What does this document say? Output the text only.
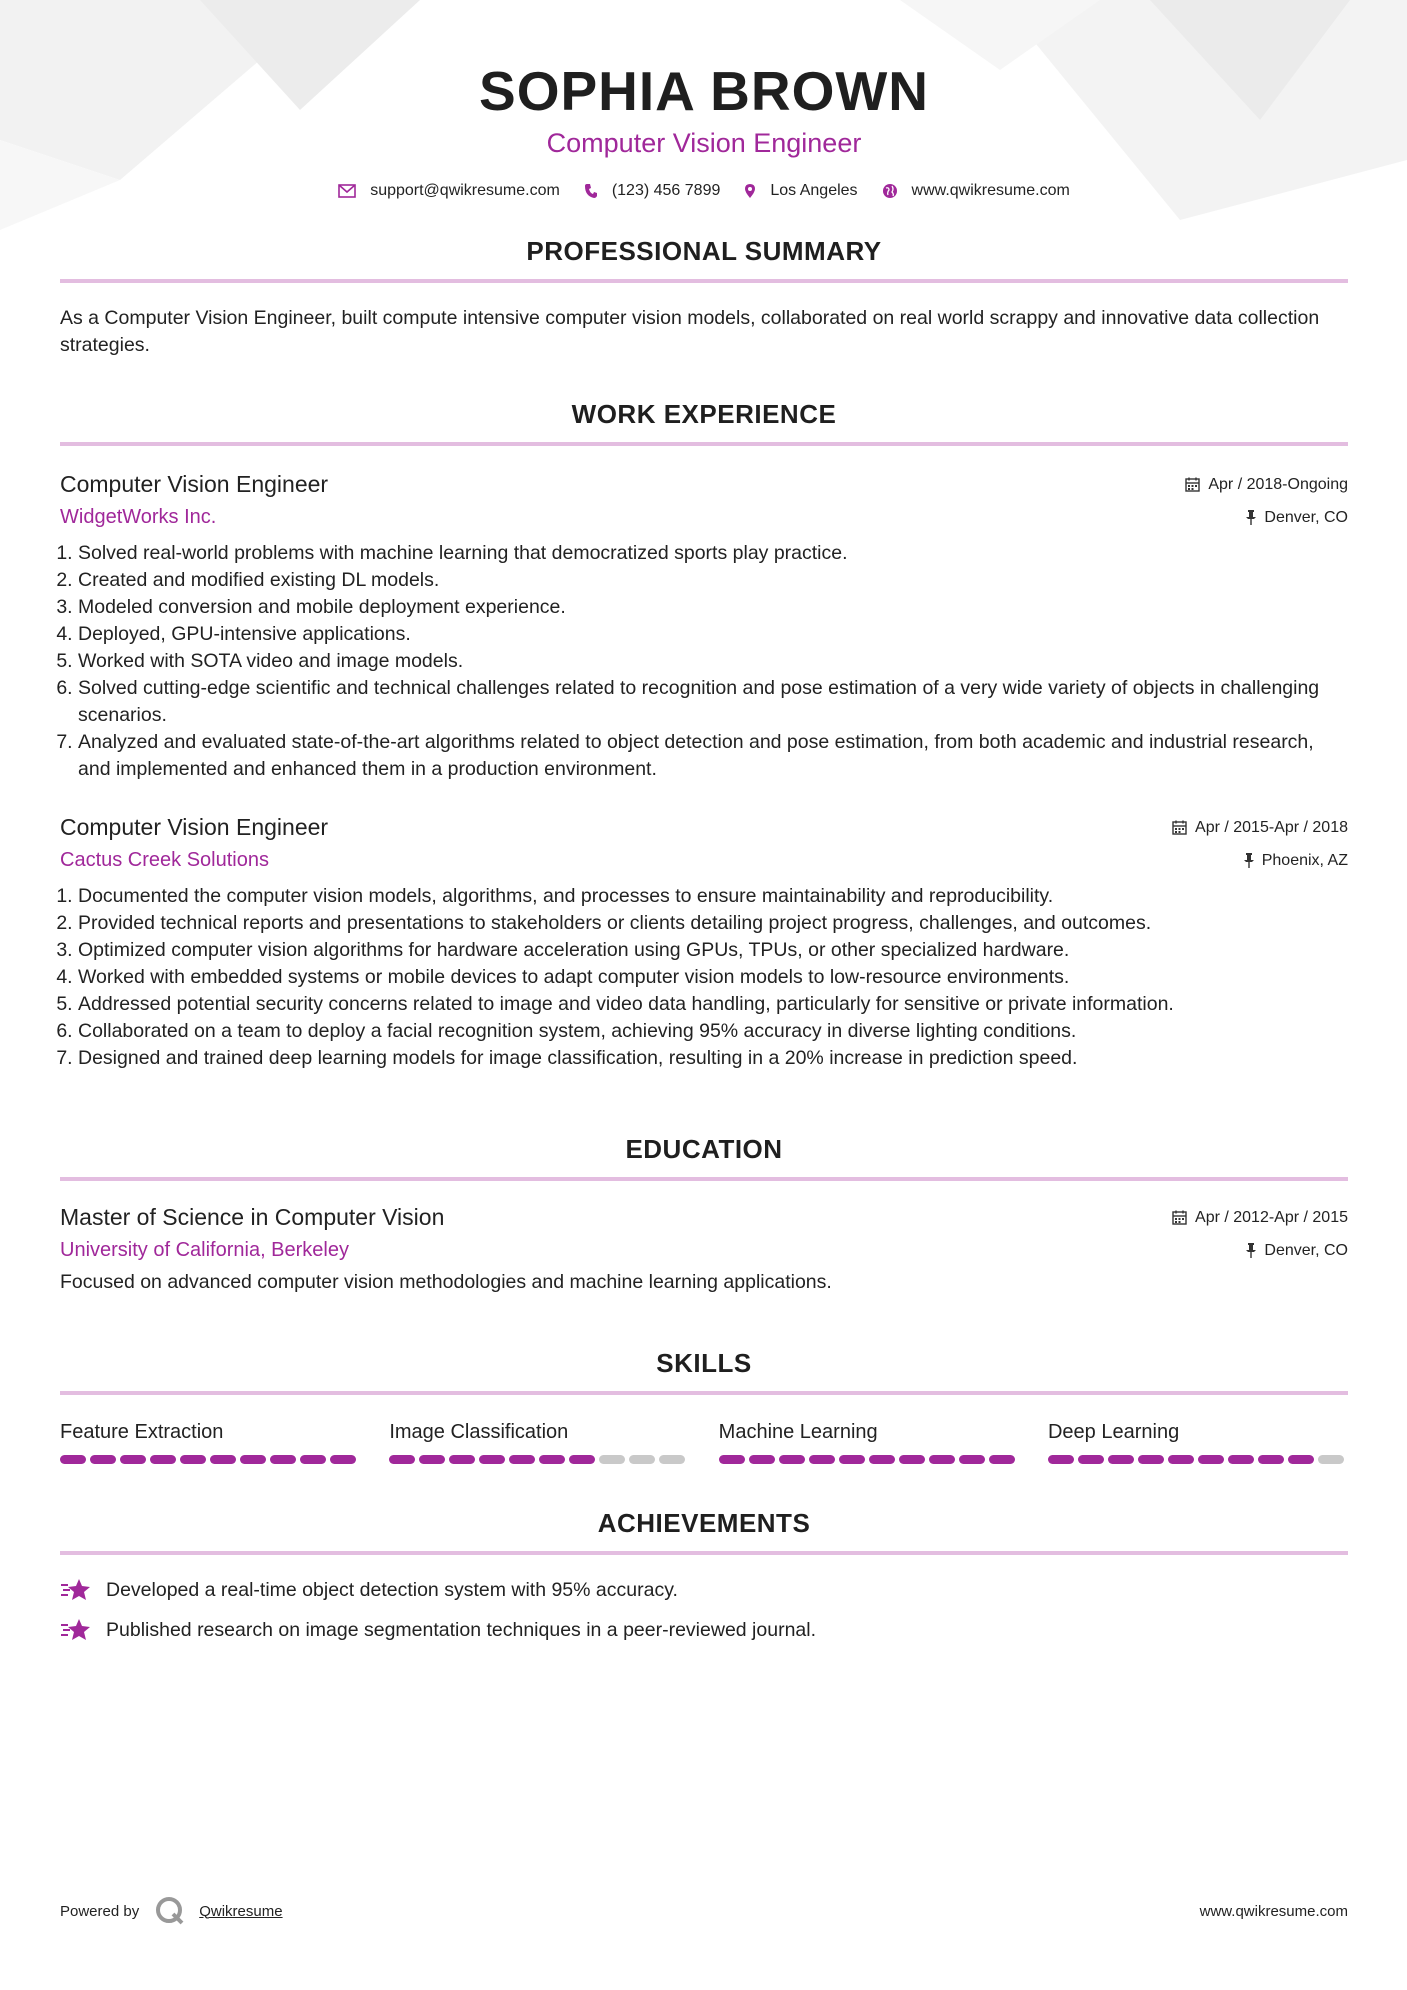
SOPHIA BROWN
Computer Vision Engineer
support@qwikresume.com	(123) 456 7899	Los Angeles	www.qwikresume.com
PROFESSIONAL SUMMARY
As a Computer Vision Engineer, built compute intensive computer vision models, collaborated on real world scrappy and innovative data collection strategies.
WORK EXPERIENCE
Computer Vision Engineer
WidgetWorks Inc.
Apr / 2018-Ongoing
Denver, CO
1. Solved real-world problems with machine learning that democratized sports play practice.
2. Created and modified existing DL models.
3. Modeled conversion and mobile deployment experience.
4. Deployed, GPU-intensive applications.
5. Worked with SOTA video and image models.
6. Solved cutting-edge scientific and technical challenges related to recognition and pose estimation of a very wide variety of objects in challenging scenarios.
7. Analyzed and evaluated state-of-the-art algorithms related to object detection and pose estimation, from both academic and industrial research, and implemented and enhanced them in a production environment.
Computer Vision Engineer
Cactus Creek Solutions
Apr / 2015-Apr / 2018
Phoenix, AZ
1. Documented the computer vision models, algorithms, and processes to ensure maintainability and reproducibility.
2. Provided technical reports and presentations to stakeholders or clients detailing project progress, challenges, and outcomes.
3. Optimized computer vision algorithms for hardware acceleration using GPUs, TPUs, or other specialized hardware.
4. Worked with embedded systems or mobile devices to adapt computer vision models to low-resource environments.
5. Addressed potential security concerns related to image and video data handling, particularly for sensitive or private information.
6. Collaborated on a team to deploy a facial recognition system, achieving 95% accuracy in diverse lighting conditions.
7. Designed and trained deep learning models for image classification, resulting in a 20% increase in prediction speed.
EDUCATION
Master of Science in Computer Vision
University of California, Berkeley
Apr / 2012-Apr / 2015
Denver, CO
Focused on advanced computer vision methodologies and machine learning applications.
SKILLS
Feature Extraction	Image Classification	Machine Learning	Deep Learning
ACHIEVEMENTS
Developed a real-time object detection system with 95% accuracy.
Published research on image segmentation techniques in a peer-reviewed journal.
Powered by	Qwikresume	www.qwikresume.com
